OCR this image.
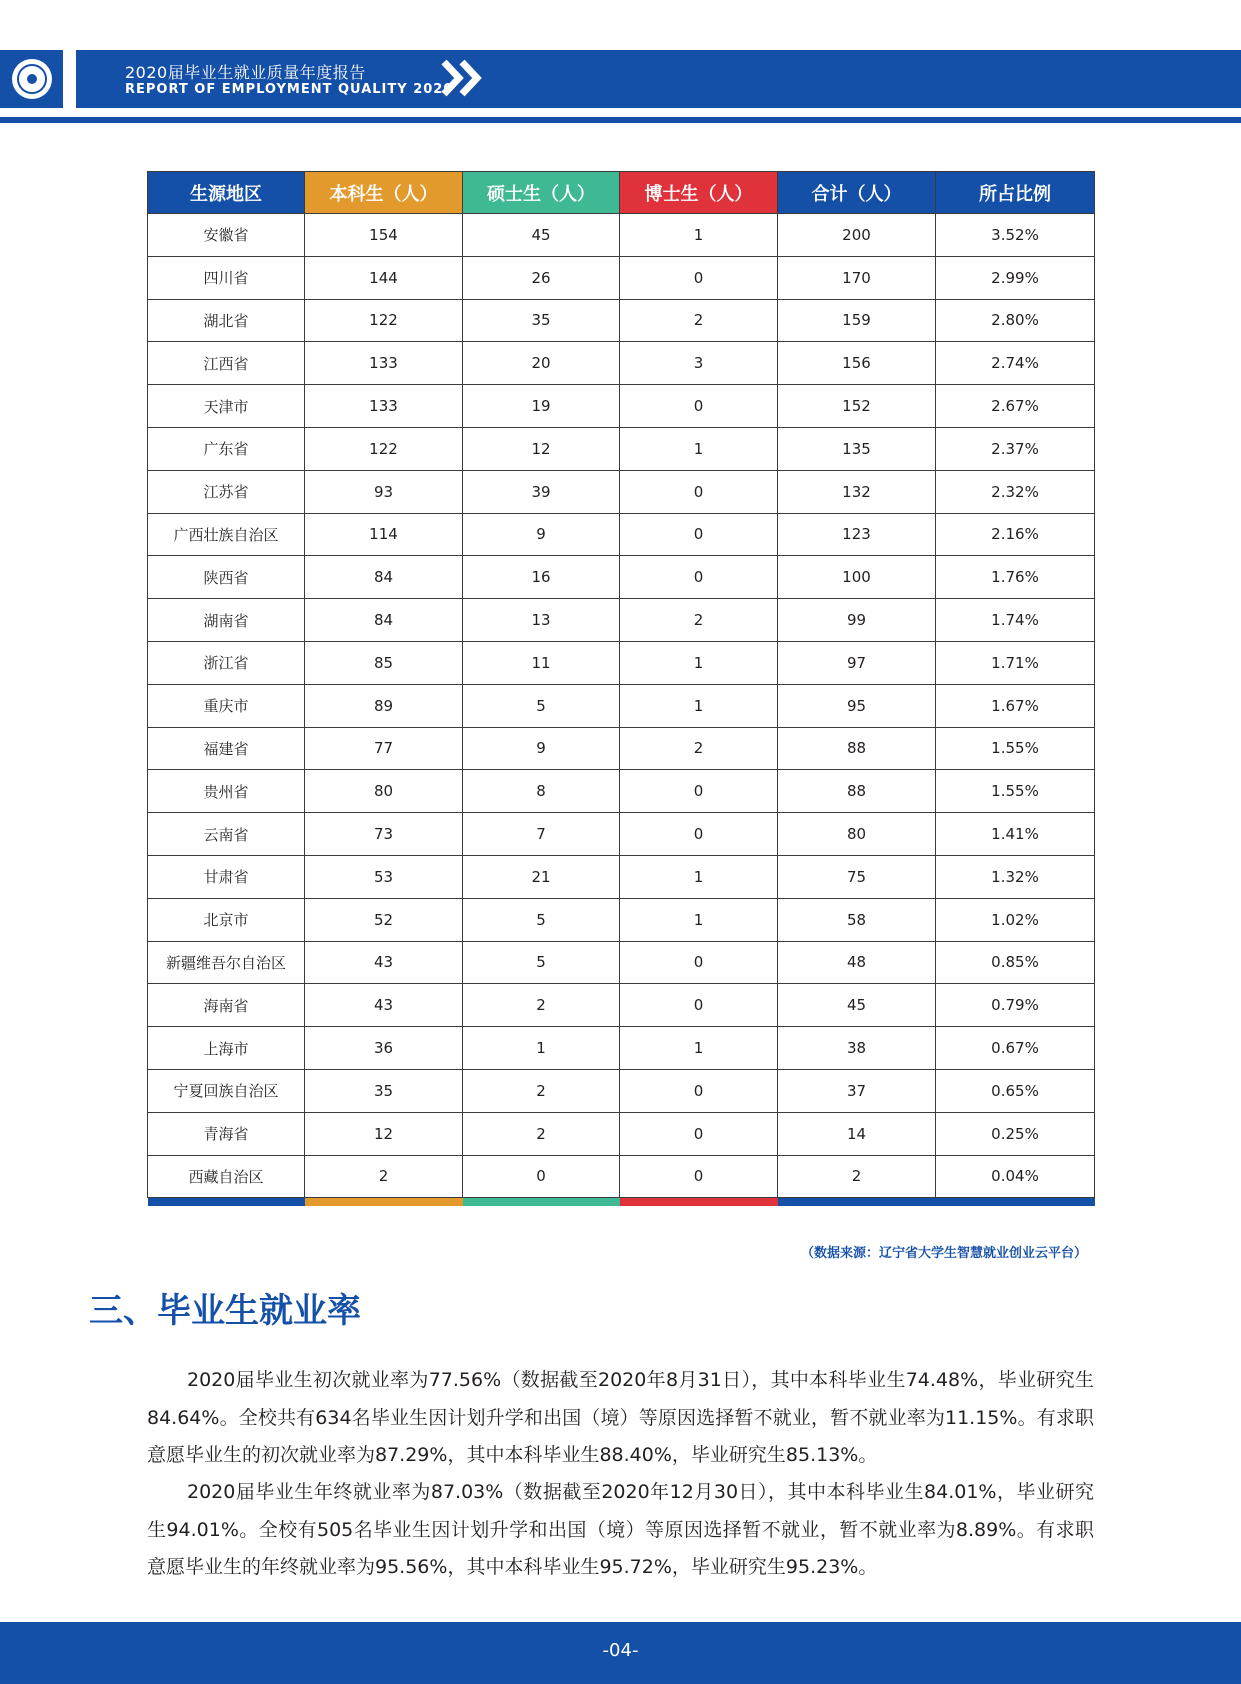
2020届毕业生就业质量年度报告
REPORT OF EMPLOYMENT QUALITY 2020
生源地区	本科生（人）	硕士生（人）	博士生（人）	合计（人）	所占比例
安徽省	154	45	1	200	3.52%
四川省	144	26	0	170	2.99%
湖北省	122	35	2	159	2.80%
江西省	133	20	3	156	2.74%
天津市	133	19	0	152	2.67%
广东省	122	12	1	135	2.37%
江苏省	93	39	0	132	2.32%
广西壮族自治区	114	9	0	123	2.16%
陕西省	84	16	0	100	1.76%
湖南省	84	13	2	99	1.74%
浙江省	85	11	1	97	1.71%
重庆市	89	5	1	95	1.67%
福建省	77	9	2	88	1.55%
贵州省	80	8	0	88	1.55%
云南省	73	7	0	80	1.41%
甘肃省	53	21	1	75	1.32%
北京市	52	5	1	58	1.02%
新疆维吾尔自治区	43	5	0	48	0.85%
海南省	43	2	0	45	0.79%
上海市	36	1	1	38	0.67%
宁夏回族自治区	35	2	0	37	0.65%
青海省	12	2	0	14	0.25%
西藏自治区	2	0	0	2	0.04%

（数据来源：辽宁省大学生智慧就业创业云平台）
三、毕业生就业率

2020届毕业生初次就业率为77.56%（数据截至2020年8月31日），其中本科毕业生74.48%，毕业研究生84.64%。全校共有634名毕业生因计划升学和出国（境）等原因选择暂不就业，暂不就业率为11.15%。有求职意愿毕业生的初次就业率为87.29%，其中本科毕业生88.40%，毕业研究生85.13%。

2020届毕业生年终就业率为87.03%（数据截至2020年12月30日），其中本科毕业生84.01%，毕业研究生94.01%。全校有505名毕业生因计划升学和出国（境）等原因选择暂不就业，暂不就业率为8.89%。有求职意愿毕业生的年终就业率为95.56%，其中本科毕业生95.72%，毕业研究生95.23%。

-04-
